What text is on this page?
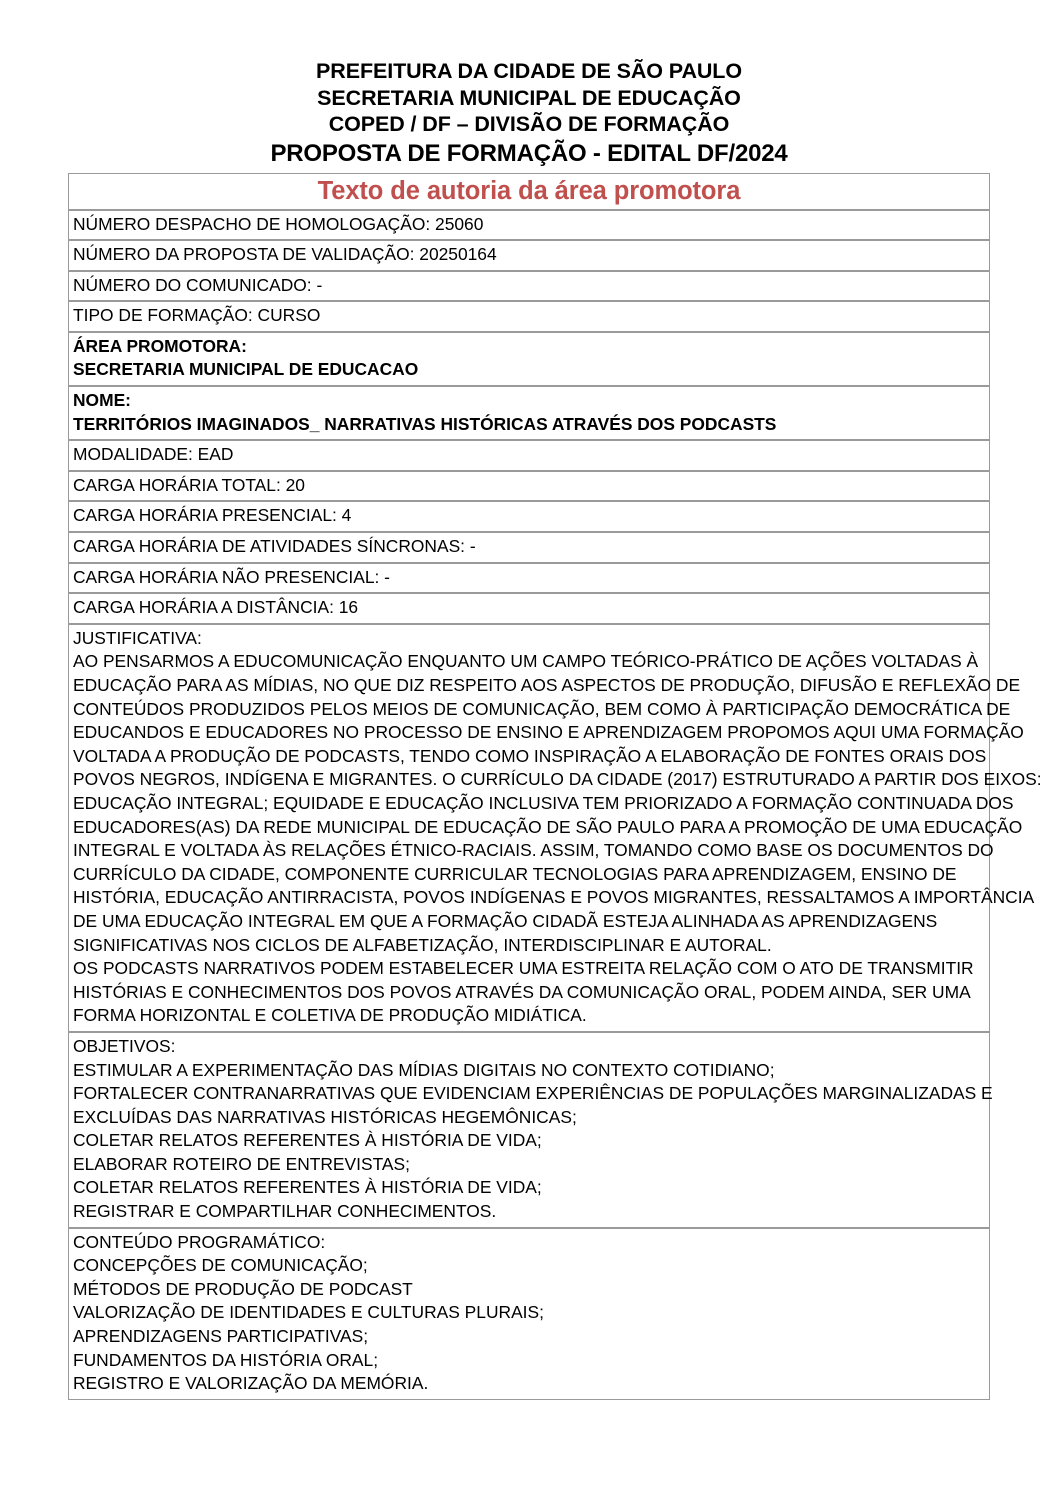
PREFEITURA DA CIDADE DE SÃO PAULO
SECRETARIA MUNICIPAL DE EDUCAÇÃO
COPED / DF – DIVISÃO DE FORMAÇÃO
PROPOSTA DE FORMAÇÃO - EDITAL DF/2024
Texto de autoria da área promotora
NÚMERO DESPACHO DE HOMOLOGAÇÃO: 25060
NÚMERO DA PROPOSTA DE VALIDAÇÃO: 20250164
NÚMERO DO COMUNICADO: -
TIPO DE FORMAÇÃO: CURSO

ÁREA PROMOTORA:
SECRETARIA MUNICIPAL DE EDUCACAO

NOME:
TERRITÓRIOS IMAGINADOS_ NARRATIVAS HISTÓRICAS ATRAVÉS DOS PODCASTS

MODALIDADE: EAD
CARGA HORÁRIA TOTAL: 20
CARGA HORÁRIA PRESENCIAL: 4
CARGA HORÁRIA DE ATIVIDADES SÍNCRONAS: -
CARGA HORÁRIA NÃO PRESENCIAL: -
CARGA HORÁRIA A DISTÂNCIA: 16

JUSTIFICATIVA:
AO PENSARMOS A EDUCOMUNICAÇÃO ENQUANTO UM CAMPO TEÓRICO-PRÁTICO DE AÇÕES VOLTADAS À
EDUCAÇÃO PARA AS MÍDIAS, NO QUE DIZ RESPEITO AOS ASPECTOS DE PRODUÇÃO, DIFUSÃO E REFLEXÃO DE
CONTEÚDOS PRODUZIDOS PELOS MEIOS DE COMUNICAÇÃO, BEM COMO À PARTICIPAÇÃO DEMOCRÁTICA DE
EDUCANDOS E EDUCADORES NO PROCESSO DE ENSINO E APRENDIZAGEM PROPOMOS AQUI UMA FORMAÇÃO
VOLTADA A PRODUÇÃO DE PODCASTS, TENDO COMO INSPIRAÇÃO A ELABORAÇÃO DE FONTES ORAIS DOS
POVOS NEGROS, INDÍGENA E MIGRANTES. O CURRÍCULO DA CIDADE (2017) ESTRUTURADO A PARTIR DOS EIXOS:
EDUCAÇÃO INTEGRAL; EQUIDADE E EDUCAÇÃO INCLUSIVA TEM PRIORIZADO A FORMAÇÃO CONTINUADA DOS
EDUCADORES(AS) DA REDE MUNICIPAL DE EDUCAÇÃO DE SÃO PAULO PARA A PROMOÇÃO DE UMA EDUCAÇÃO
INTEGRAL E VOLTADA ÀS RELAÇÕES ÉTNICO-RACIAIS. ASSIM, TOMANDO COMO BASE OS DOCUMENTOS DO
CURRÍCULO DA CIDADE, COMPONENTE CURRICULAR TECNOLOGIAS PARA APRENDIZAGEM, ENSINO DE
HISTÓRIA, EDUCAÇÃO ANTIRRACISTA, POVOS INDÍGENAS E POVOS MIGRANTES, RESSALTAMOS A IMPORTÂNCIA
DE UMA EDUCAÇÃO INTEGRAL EM QUE A FORMAÇÃO CIDADÃ ESTEJA ALINHADA AS APRENDIZAGENS
SIGNIFICATIVAS NOS CICLOS DE ALFABETIZAÇÃO, INTERDISCIPLINAR E AUTORAL.
OS PODCASTS NARRATIVOS PODEM ESTABELECER UMA ESTREITA RELAÇÃO COM O ATO DE TRANSMITIR
HISTÓRIAS E CONHECIMENTOS DOS POVOS ATRAVÉS DA COMUNICAÇÃO ORAL, PODEM AINDA, SER UMA
FORMA HORIZONTAL E COLETIVA DE PRODUÇÃO MIDIÁTICA.

OBJETIVOS:
ESTIMULAR A EXPERIMENTAÇÃO DAS MÍDIAS DIGITAIS NO CONTEXTO COTIDIANO;
FORTALECER CONTRANARRATIVAS QUE EVIDENCIAM EXPERIÊNCIAS DE POPULAÇÕES MARGINALIZADAS E
EXCLUÍDAS DAS NARRATIVAS HISTÓRICAS HEGEMÔNICAS;
COLETAR RELATOS REFERENTES À HISTÓRIA DE VIDA;
ELABORAR ROTEIRO DE ENTREVISTAS;
COLETAR RELATOS REFERENTES À HISTÓRIA DE VIDA;
REGISTRAR E COMPARTILHAR CONHECIMENTOS.

CONTEÚDO PROGRAMÁTICO:
CONCEPÇÕES DE COMUNICAÇÃO;
MÉTODOS DE PRODUÇÃO DE PODCAST
VALORIZAÇÃO DE IDENTIDADES E CULTURAS PLURAIS;
APRENDIZAGENS PARTICIPATIVAS;
FUNDAMENTOS DA HISTÓRIA ORAL;
REGISTRO E VALORIZAÇÃO DA MEMÓRIA.
